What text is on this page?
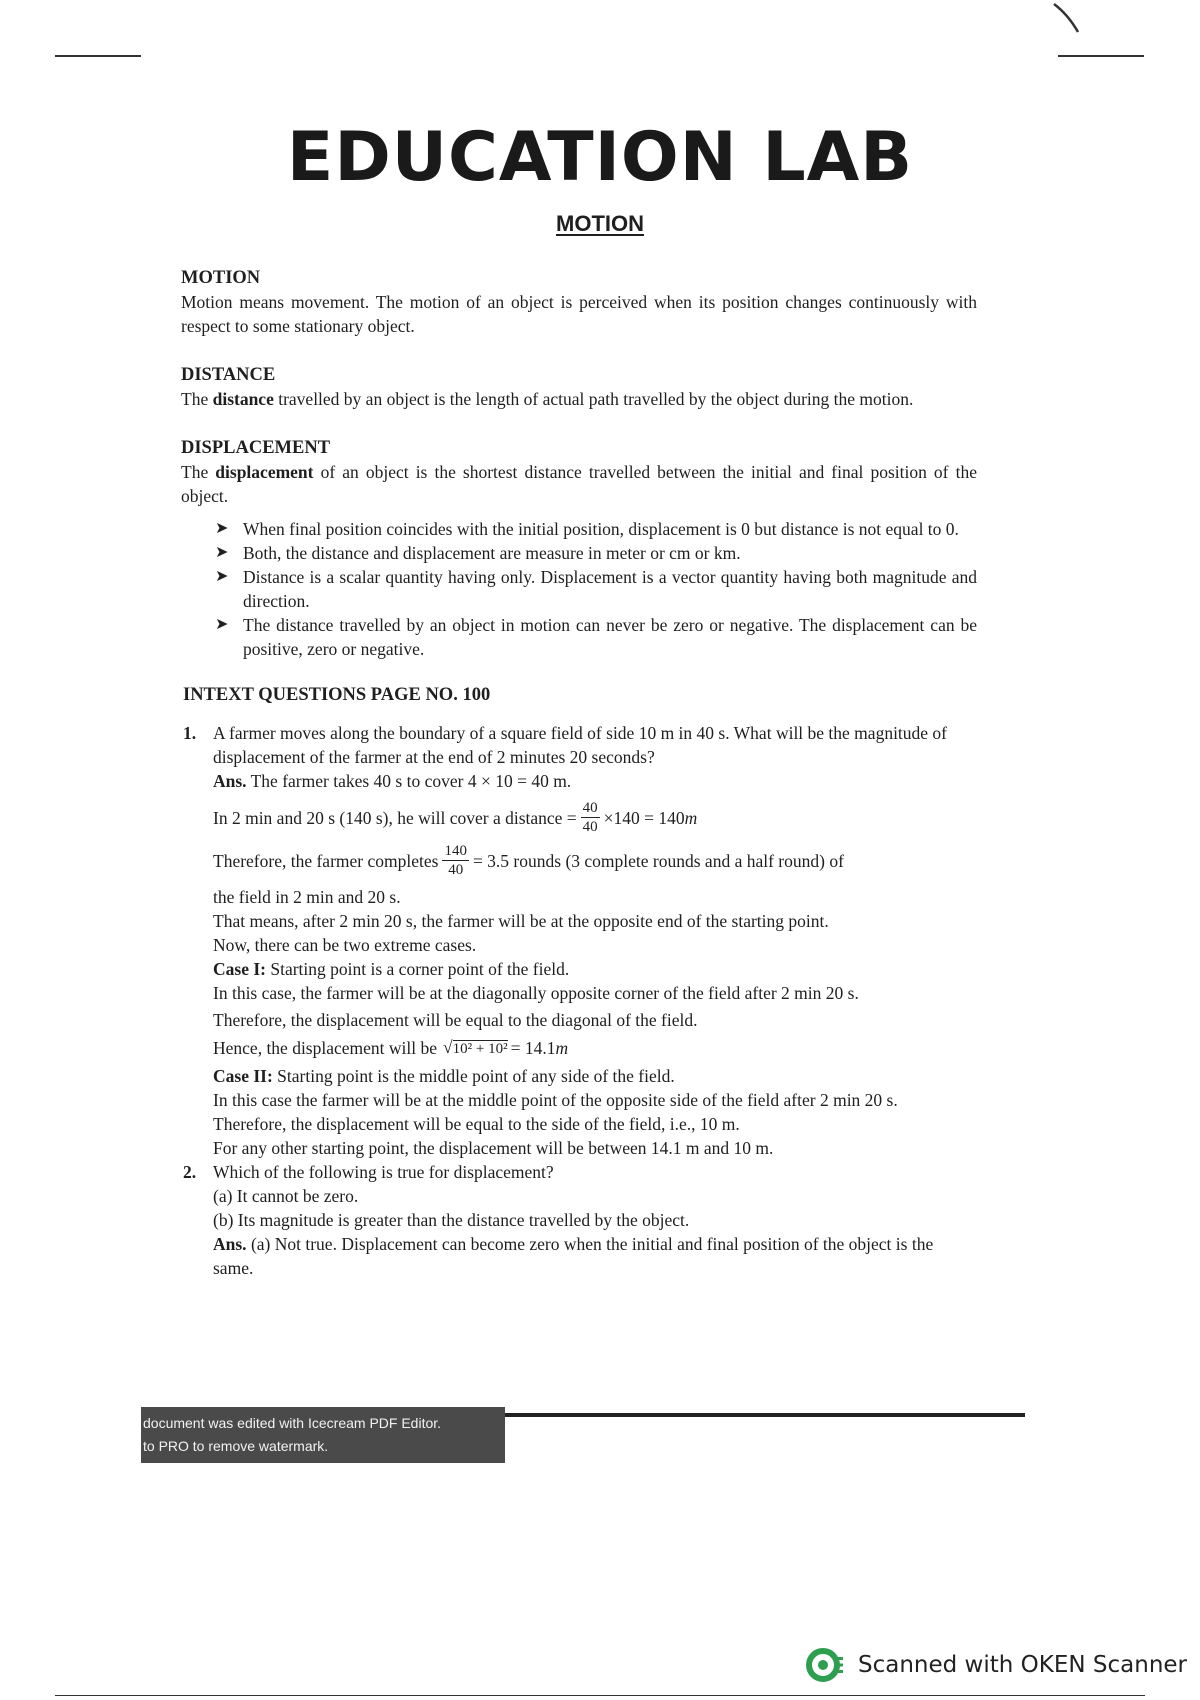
EDUCATION LAB
MOTION
MOTION
Motion means movement. The motion of an object is perceived when its position changes continuously with respect to some stationary object.
DISTANCE
The distance travelled by an object is the length of actual path travelled by the object during the motion.
DISPLACEMENT
The displacement of an object is the shortest distance travelled between the initial and final position of the object.
➤ When final position coincides with the initial position, displacement is 0 but distance is not equal to 0.
➤ Both, the distance and displacement are measure in meter or cm or km.
➤ Distance is a scalar quantity having only. Displacement is a vector quantity having both magnitude and direction.
➤ The distance travelled by an object in motion can never be zero or negative. The displacement can be positive, zero or negative.
INTEXT QUESTIONS PAGE NO. 100
1. A farmer moves along the boundary of a square field of side 10 m in 40 s. What will be the magnitude of displacement of the farmer at the end of 2 minutes 20 seconds?

Ans. The farmer takes 40 s to cover 4 × 10 = 40 m.

In 2 min and 20 s (140 s), he will cover a distance = $\frac{40}{40} \times 140 = 140$ m
Therefore, the farmer completes $\frac{140}{40} = 3.5$ rounds (3 complete rounds and a half round) of

the field in 2 min and 20 s.

That means, after 2 min 20 s, the farmer will be at the opposite end of the starting point.

Now, there can be two extreme cases.

Case I: Starting point is a corner point of the field.

In this case, the farmer will be at the diagonally opposite corner of the field after 2 min 20 s.

Therefore, the displacement will be equal to the diagonal of the field.

Hence, the displacement will be √10² + 10² = 14.1 m

Case II: Starting point is the middle point of any side of the field.

In this case the farmer will be at the middle point of the opposite side of the field after 2 min 20 s.

Therefore, the displacement will be equal to the side of the field, i.e., 10 m.

For any other starting point, the displacement will be between 14.1 m and 10 m.

2. Which of the following is true for displacement?

(a) It cannot be zero.

(b) Its magnitude is greater than the distance travelled by the object.

Ans. (a) Not true. Displacement can become zero when the initial and final position of the object is the same.

document was edited with Icecream PDF Editor.
to PRO to remove watermark.
Scanned with OKEN Scanner
